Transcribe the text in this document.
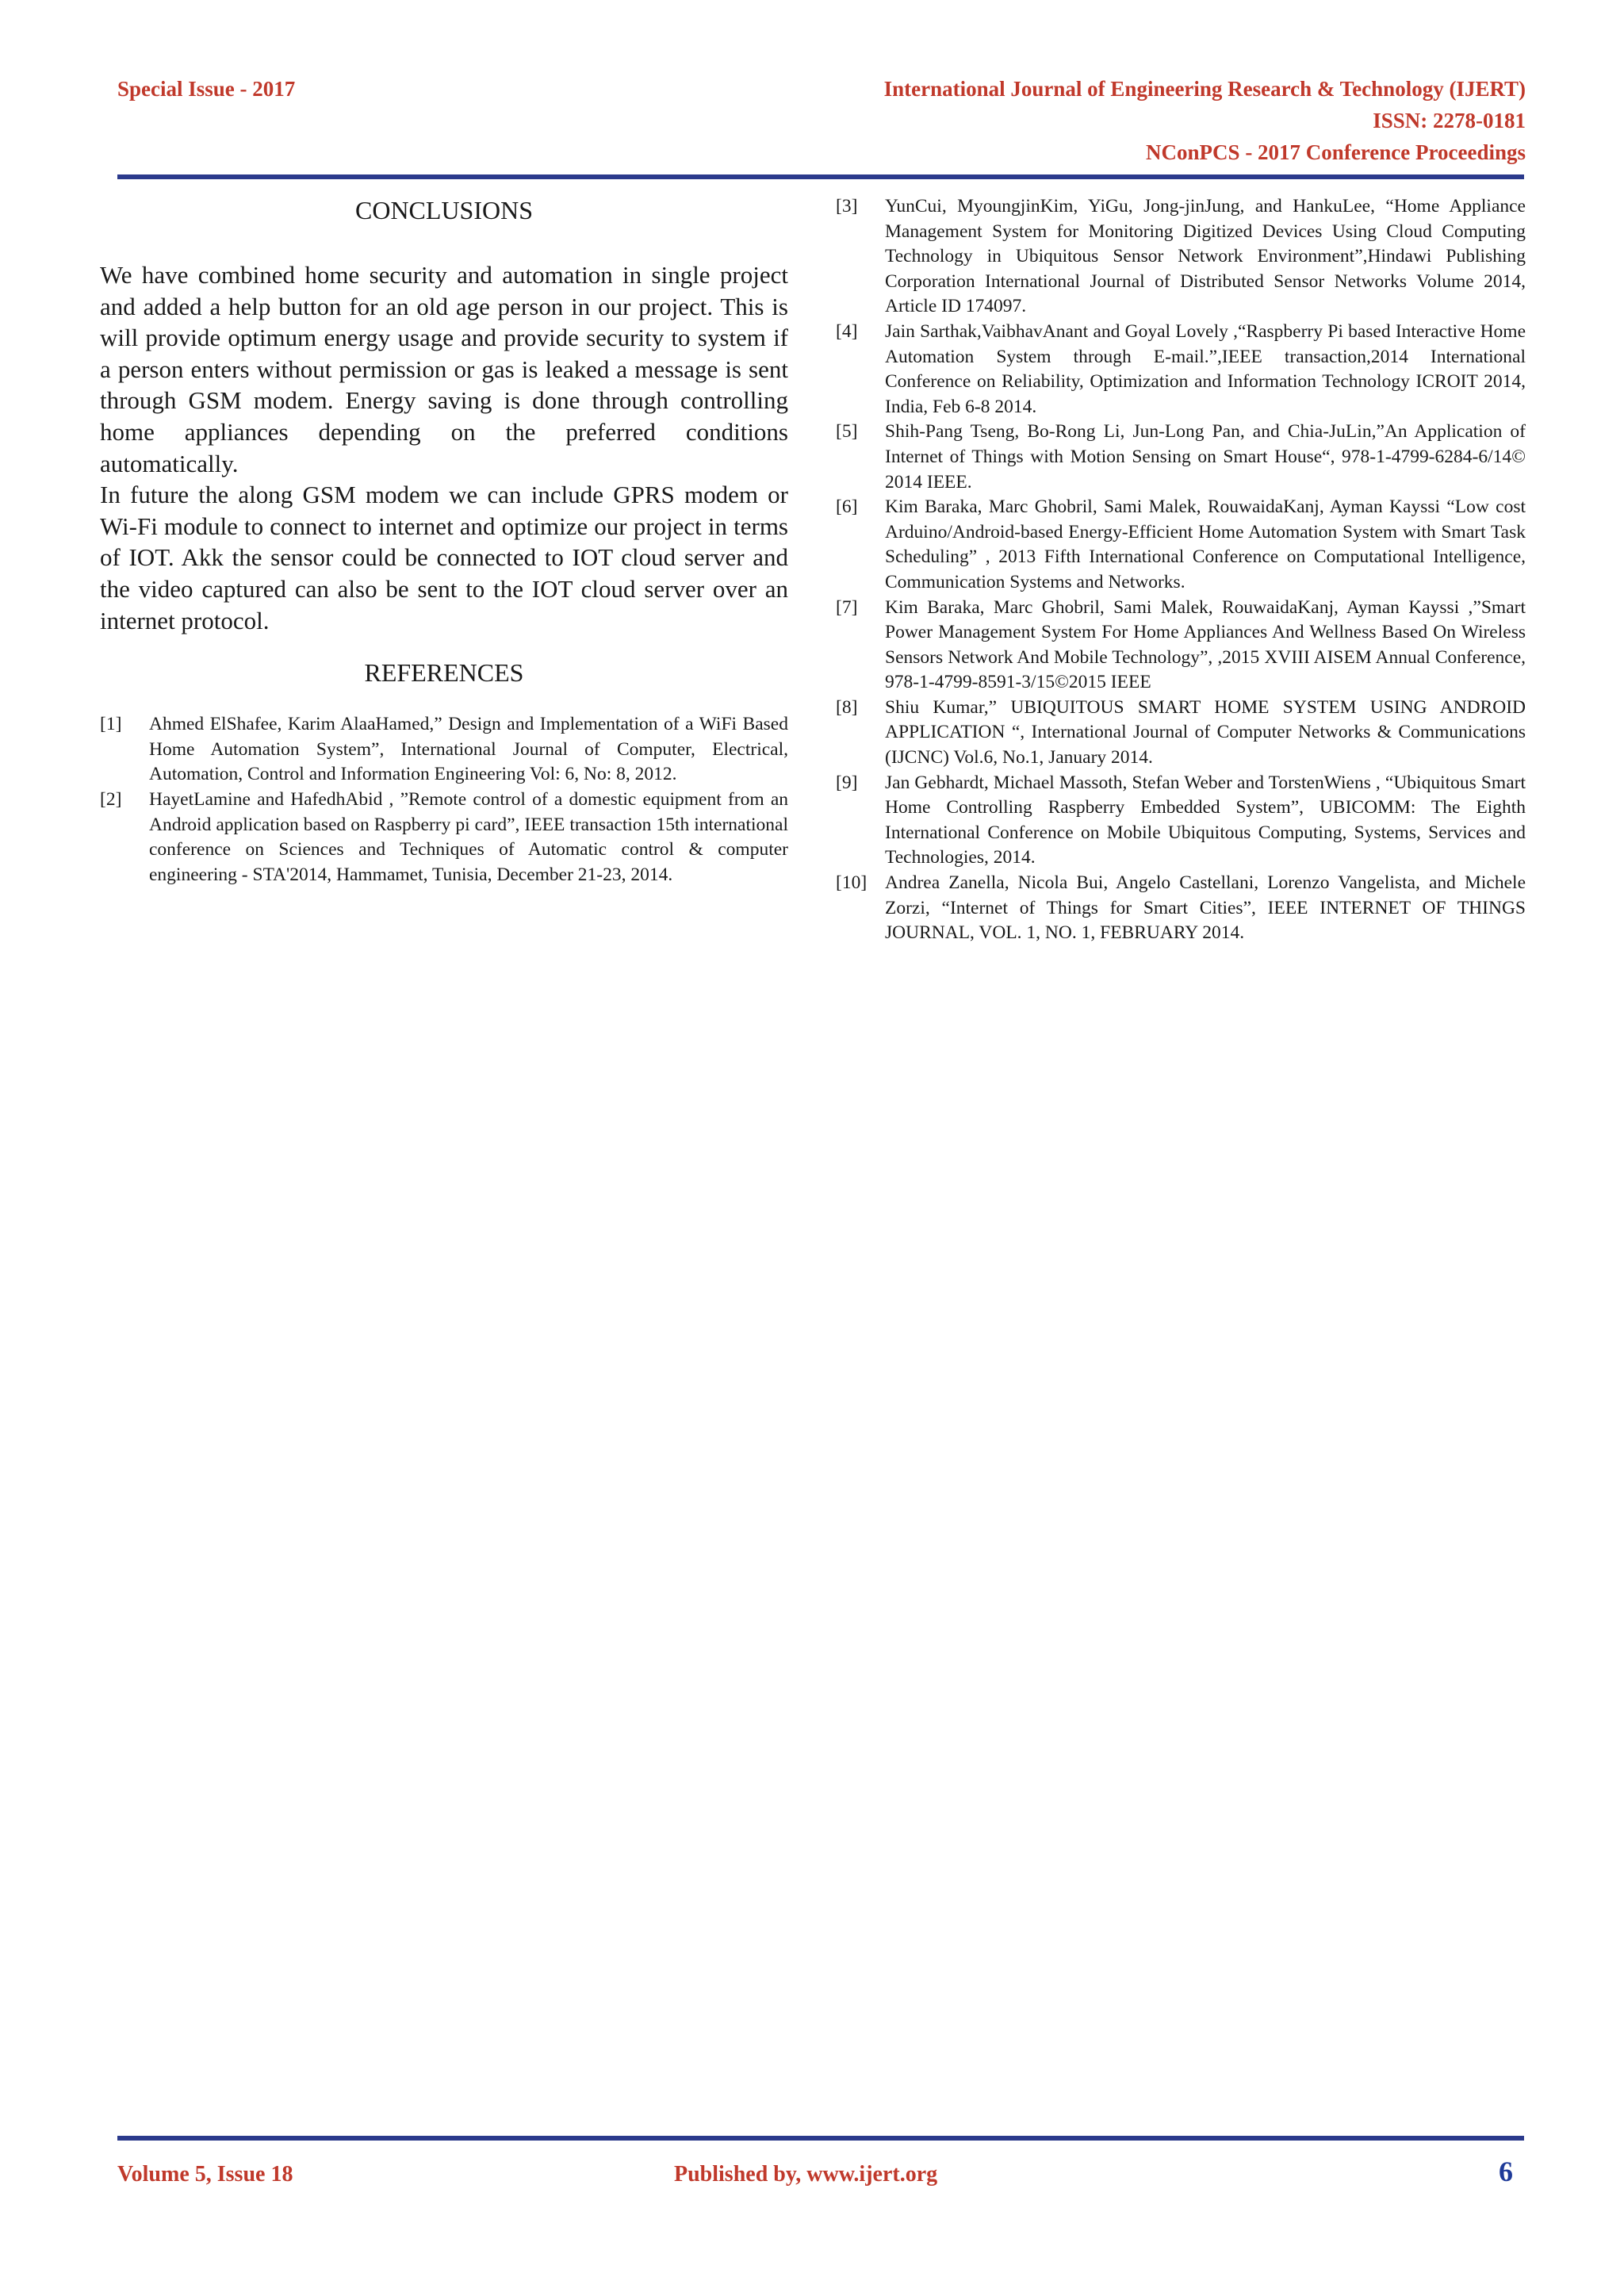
Special Issue - 2017	International Journal of Engineering Research & Technology (IJERT)
ISSN: 2278-0181
NConPCS - 2017 Conference Proceedings
CONCLUSIONS

We have combined home security and automation in single project and added a help button for an old age person in our project. This is will provide optimum energy usage and provide security to system if a person enters without permission or gas is leaked a message is sent through GSM modem. Energy saving is done through controlling home appliances depending on the preferred conditions automatically.

In future the along GSM modem we can include GPRS modem or Wi-Fi module to connect to internet and optimize our project in terms of IOT. Akk the sensor could be connected to IOT cloud server and the video captured can also be sent to the IOT cloud server over an internet protocol.

REFERENCES
[1] Ahmed ElShafee, Karim AlaaHamed,” Design and Implementation of a WiFi Based Home Automation System”, International Journal of Computer, Electrical, Automation, Control and Information Engineering Vol: 6, No: 8, 2012.
[2] HayetLamine and HafedhAbid , ”Remote control of a domestic equipment from an Android application based on Raspberry pi card”, IEEE transaction 15th international conference on Sciences and Techniques of Automatic control & computer engineering - STA'2014, Hammamet, Tunisia, December 21-23, 2014.
[3] YunCui, MyoungjinKim, YiGu, Jong-jinJung, and HankuLee, “Home Appliance Management System for Monitoring Digitized Devices Using Cloud Computing Technology in Ubiquitous Sensor Network Environment”,Hindawi Publishing Corporation International Journal of Distributed Sensor Networks Volume 2014, Article ID 174097.
[4] Jain Sarthak,VaibhavAnant and Goyal Lovely ,“Raspberry Pi based Interactive Home Automation System through E-mail.”,IEEE transaction,2014 International Conference on Reliability, Optimization and Information Technology ICROIT 2014, India, Feb 6-8 2014.
[5] Shih-Pang Tseng, Bo-Rong Li, Jun-Long Pan, and Chia-JuLin,”An Application of Internet of Things with Motion Sensing on Smart House“, 978-1-4799-6284-6/14© 2014 IEEE.
[6] Kim Baraka, Marc Ghobril, Sami Malek, RouwaidaKanj, Ayman Kayssi “Low cost Arduino/Android-based Energy-Efficient Home Automation System with Smart Task Scheduling” , 2013 Fifth International Conference on Computational Intelligence, Communication Systems and Networks.
[7] Kim Baraka, Marc Ghobril, Sami Malek, RouwaidaKanj, Ayman Kayssi ,”Smart Power Management System For Home Appliances And Wellness Based On Wireless Sensors Network And Mobile Technology”, ,2015 XVIII AISEM Annual Conference, 978-1-4799-8591-3/15©2015 IEEE
[8] Shiu Kumar,” UBIQUITOUS SMART HOME SYSTEM USING ANDROID APPLICATION “, International Journal of Computer Networks & Communications (IJCNC) Vol.6, No.1, January 2014.
[9] Jan Gebhardt, Michael Massoth, Stefan Weber and TorstenWiens , “Ubiquitous Smart Home Controlling Raspberry Embedded System”, UBICOMM: The Eighth International Conference on Mobile Ubiquitous Computing, Systems, Services and Technologies, 2014.
[10] Andrea Zanella, Nicola Bui, Angelo Castellani, Lorenzo Vangelista, and Michele Zorzi, “Internet of Things for Smart Cities”, IEEE INTERNET OF THINGS JOURNAL, VOL. 1, NO. 1, FEBRUARY 2014.
Volume 5, Issue 18	Published by, www.ijert.org	6
